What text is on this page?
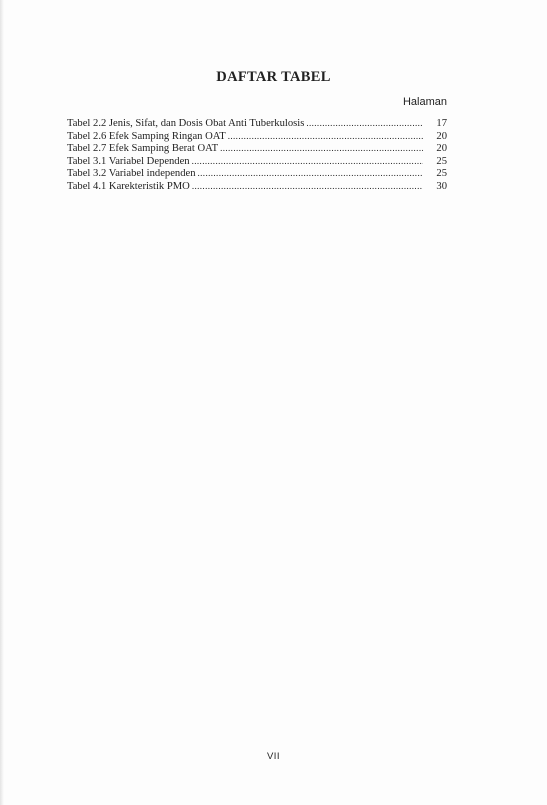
DAFTAR TABEL
Halaman
Tabel 2.2 Jenis, Sifat, dan Dosis Obat Anti Tuberkulosis .....	17
Tabel 2.6 Efek Samping Ringan OAT .....	20
Tabel 2.7 Efek Samping Berat OAT .....	20
Tabel 3.1 Variabel Dependen .....	25
Tabel 3.2 Variabel independen .....	25
Tabel 4.1 Karekteristik PMO .....	30
VII
